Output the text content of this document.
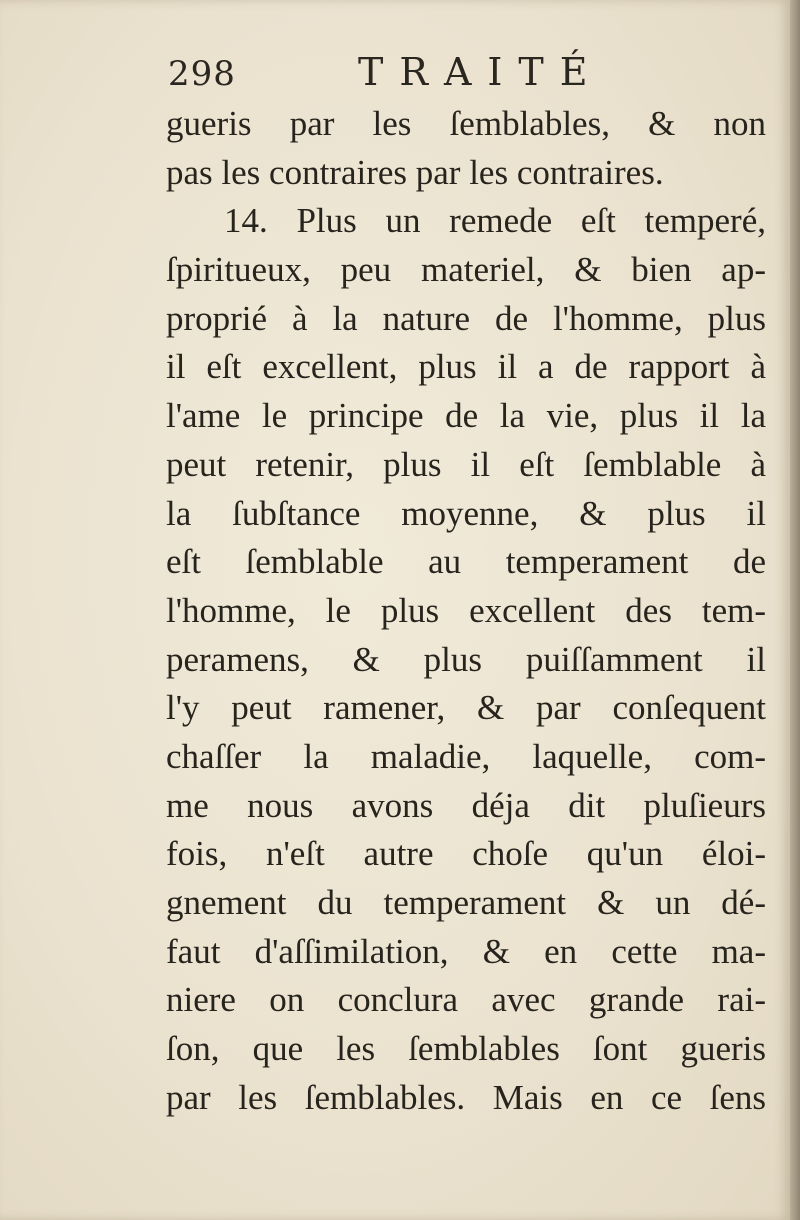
298	TRAITÉ
gueris par les ſemblables, & non
pas les contraires par les contraires.
14. Plus un remede eſt temperé,
ſpiritueux, peu materiel, & bien ap-
proprié à la nature de l'homme, plus
il eſt excellent, plus il a de rapport à
l'ame le principe de la vie, plus il la
peut retenir, plus il eſt ſemblable à
la ſubſtance moyenne, & plus il
eſt ſemblable au temperament de
l'homme, le plus excellent des tem-
peramens, & plus puiſſamment il
l'y peut ramener, & par conſequent
chaſſer la maladie, laquelle, com-
me nous avons déja dit pluſieurs
fois, n'eſt autre choſe qu'un éloi-
gnement du temperament & un dé-
faut d'aſſimilation, & en cette ma-
niere on conclura avec grande rai-
ſon, que les ſemblables ſont gueris
par les ſemblables. Mais en ce ſens
